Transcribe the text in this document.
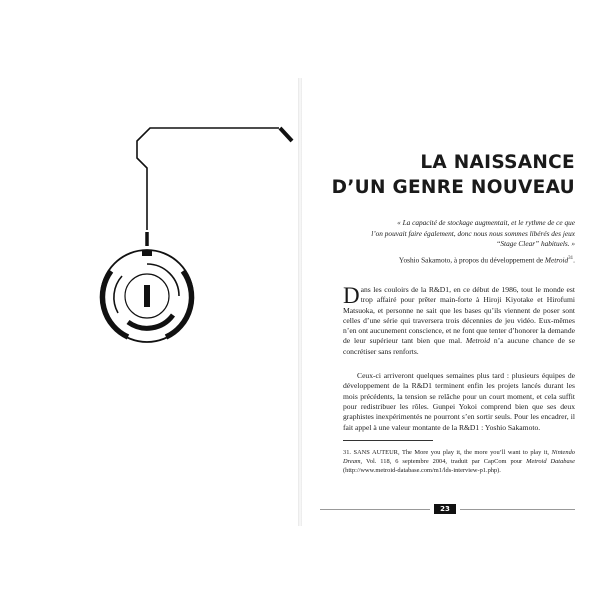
LA NAISSANCE
D’UN GENRE NOUVEAU
« La capacité de stockage augmentait, et le rythme de ce que
l’on pouvait faire également, donc nous nous sommes libérés des jeux
“Stage Clear” habituels. »
Yoshio Sakamoto, à propos du développement de Metroid$^{31}$.

Dans les couloirs de la R&D1, en ce début de 1986, tout le monde est trop affairé pour prêter main-forte à Hiroji Kiyotake et Hirofumi Matsuoka, et personne ne sait que les bases qu’ils viennent de poser sont celles d’une série qui traversera trois décennies de jeu vidéo. Eux-mêmes n’en ont aucunement conscience, et ne font que tenter d’honorer la demande de leur supérieur tant bien que mal. Metroid n’a aucune chance de se concrétiser sans renforts.

Ceux-ci arriveront quelques semaines plus tard : plusieurs équipes de développement de la R&D1 terminent enfin les projets lancés durant les mois précédents, la tension se relâche pour un court moment, et cela suffit pour redistribuer les rôles. Gunpei Yokoi comprend bien que ses deux graphistes inexpérimentés ne pourront s’en sortir seuls. Pour les encadrer, il fait appel à une valeur montante de la R&D1 : Yoshio Sakamoto.

31. SANS AUTEUR, The More you play it, the more you’ll want to play it, Nintendo Dream, Vol. 118, 6 septembre 2004, traduit par CapCom pour Metroid Database (http://www.metroid-database.com/m1/lds-interview-p1.php).
23
